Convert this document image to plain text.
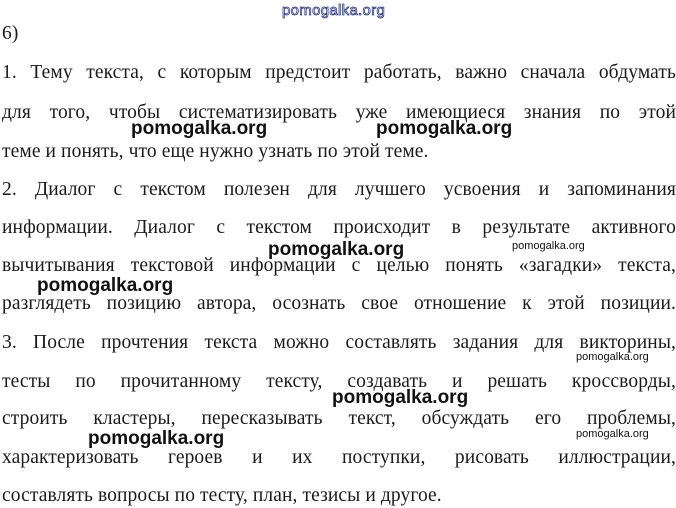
6)
1. Тему текста, с которым предстоит работать, важно сначала обдумать
для того, чтобы систематизировать уже имеющиеся знания по этой
теме и понять, что еще нужно узнать по этой теме.
2. Диалог с текстом полезен для лучшего усвоения и запоминания
информации. Диалог с текстом происходит в результате активного
вычитывания текстовой информации с целью понять «загадки» текста,
разглядеть позицию автора, осознать свое отношение к этой позиции.
3. После прочтения текста можно составлять задания для викторины,
тесты по прочитанному тексту, создавать и решать кроссворды,
строить кластеры, пересказывать текст, обсуждать его проблемы,
характеризовать героев и их поступки, рисовать иллюстрации,
составлять вопросы по тесту, план, тезисы и другое.
pomogalka.org
pomogalka.org	pomogalka.org
pomogalka.org	pomogalka.org
pomogalka.org
pomogalka.org
pomogalka.org
pomogalka.org	pomogalka.org
